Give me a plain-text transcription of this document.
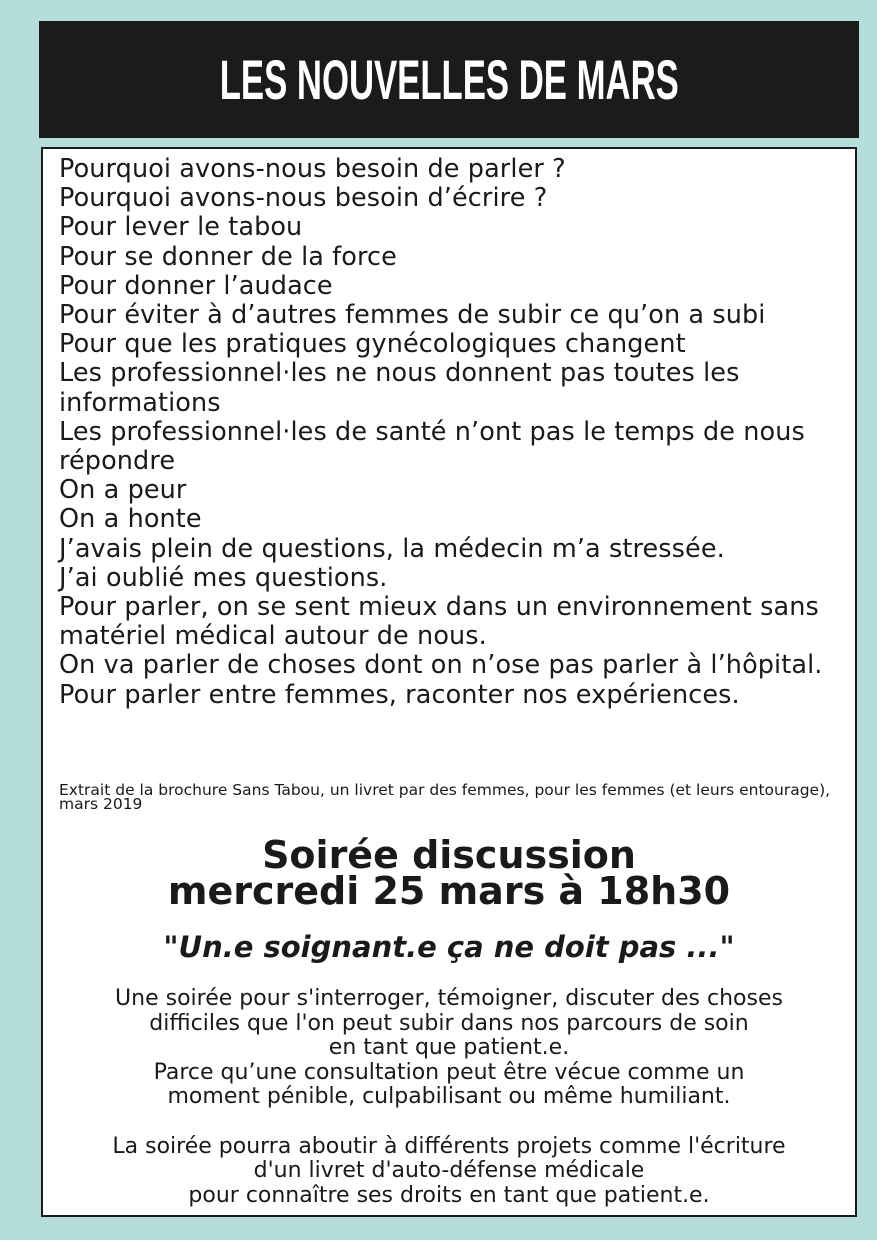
LES NOUVELLES DE MARS
Pourquoi avons-nous besoin de parler ?
Pourquoi avons-nous besoin d’écrire ?
Pour lever le tabou
Pour se donner de la force
Pour donner l’audace
Pour éviter à d’autres femmes de subir ce qu’on a subi
Pour que les pratiques gynécologiques changent
Les professionnel·les ne nous donnent pas toutes les informations
Les professionnel·les de santé n’ont pas le temps de nous répondre
On a peur
On a honte
J’avais plein de questions, la médecin m’a stressée.
J’ai oublié mes questions.
Pour parler, on se sent mieux dans un environnement sans matériel médical autour de nous.
On va parler de choses dont on n’ose pas parler à l’hôpital.
Pour parler entre femmes, raconter nos expériences.
Extrait de la brochure Sans Tabou, un livret par des femmes, pour les femmes (et leurs entourage), mars 2019
Soirée discussion
mercredi 25 mars à 18h30
"Un.e soignant.e ça ne doit pas ..."
Une soirée pour s'interroger, témoigner, discuter des choses
difficiles que l'on peut subir dans nos parcours de soin
en tant que patient.e.
Parce qu’une consultation peut être vécue comme un
moment pénible, culpabilisant ou même humiliant.
La soirée pourra aboutir à différents projets comme l'écriture
d'un livret d'auto-défense médicale
pour connaître ses droits en tant que patient.e.
